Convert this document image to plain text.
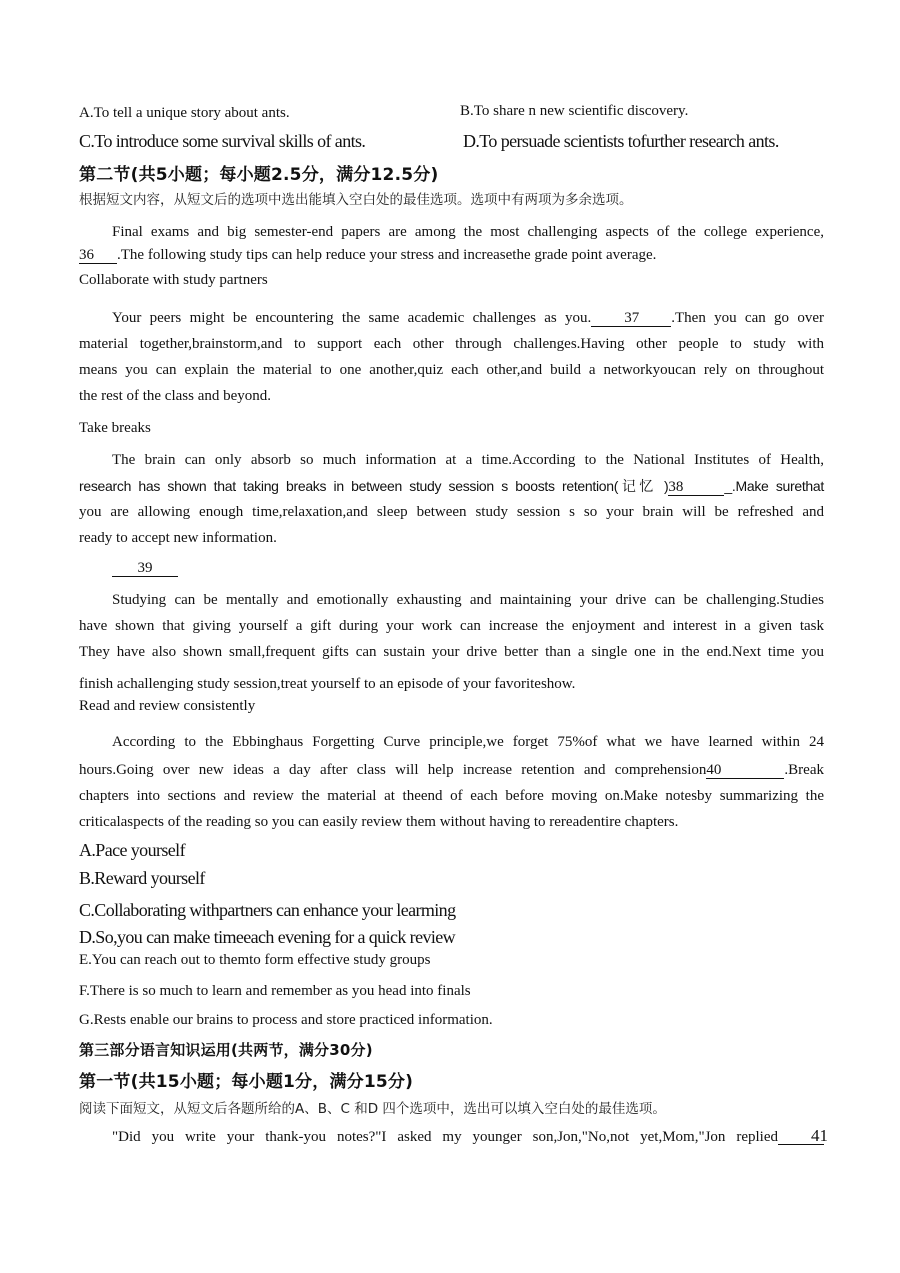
A.To tell a unique story about ants.	B.To share n new scientific discovery.
C.To introduce some survival skills of ants.	D.To persuade scientists tofurther research ants.
第二节(共5小题；每小题2.5分，满分12.5分)
根据短文内容，从短文后的选项中选出能填入空白处的最佳选项。选项中有两项为多余选项。
Final exams and big semester-end papers are among the most challenging aspects of the college experience,
36 .The following study tips can help reduce your stress and increasethe grade point average.
Collaborate with study partners
Your peers might be encountering the same academic challenges as you. 37 .Then you can go over
material together,brainstorm,and to support each other through challenges.Having other people to study with
means you can explain the material to one another,quiz each other,and build a networkyoucan rely on throughout
the rest of the class and beyond.
Take breaks
The brain can only absorb so much information at a time.According to the National Institutes of Health,
research has shown that taking breaks in between study session s boosts retention(记忆 )38	_.Make surethat
you are allowing enough time,relaxation,and sleep between study session s so your brain will be refreshed and
ready to accept new information.
39
Studying can be mentally and emotionally exhausting and maintaining your drive can be challenging.Studies
have shown that giving yourself a gift during your work can increase the enjoyment and interest in a given task
They have also shown small,frequent gifts can sustain your drive better than a single one in the end.Next time you
finish achallenging study session,treat yourself to an episode of your favoriteshow.
Read and review consistently
According to the Ebbinghaus Forgetting Curve principle,we forget 75%of what we have learned within 24
hours.Going over new ideas a day after class will help increase retention and comprehension40	.Break
chapters into sections and review the material at theend of each before moving on.Make notesby summarizing the
criticalaspects of the reading so you can easily review them without having to rereadentire chapters.
A.Pace yourself
B.Reward yourself
C.Collaborating withpartners can enhance your learming
D.So,you can make timeeach evening for a quick review
E.You can reach out to themto form effective study groups
F.There is so much to learn and remember as you head into finals
G.Rests enable our brains to process and store practiced information.
第三部分语言知识运用(共两节，满分30分)
第一节(共15小题；每小题1分，满分15分)
阅读下面短文，从短文后各题所给的A、B、C 和D 四个选项中，选出可以填入空白处的最佳选项。
"Did you write your thank-you notes?"I asked my younger son,Jon,"No,not yet,Mom,"Jon replied 41
